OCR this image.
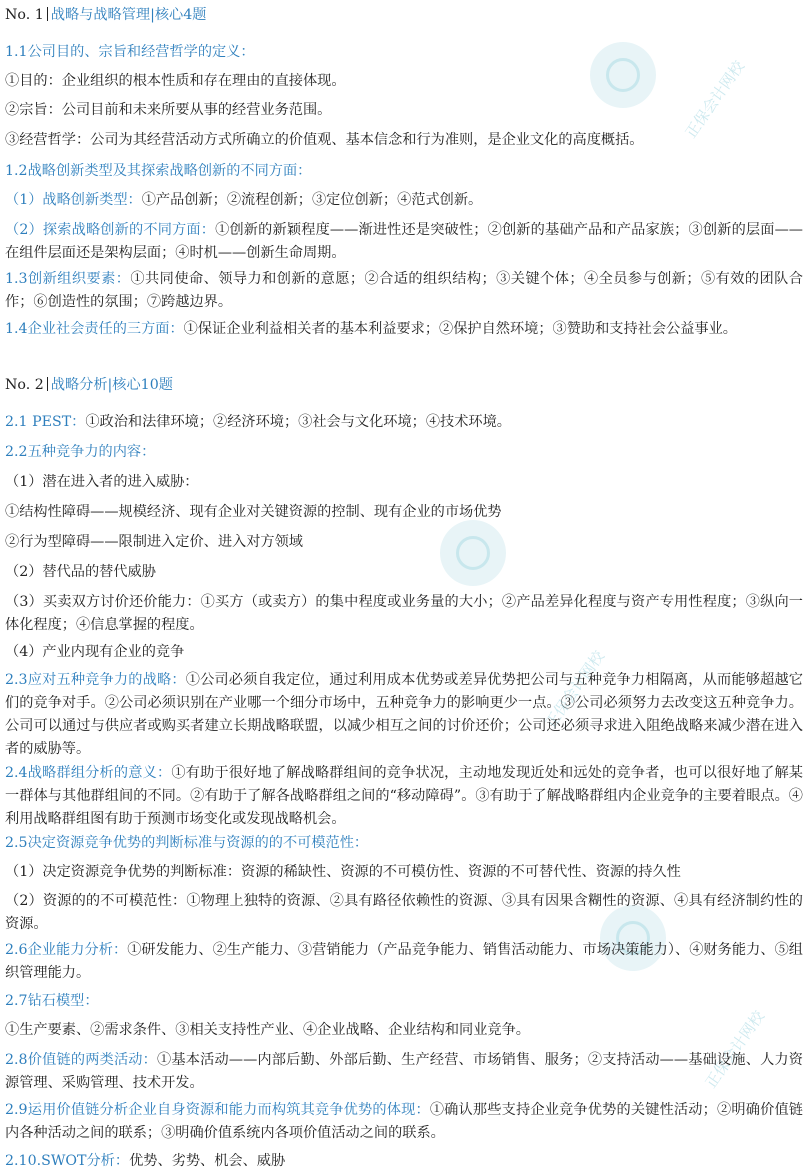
正保会计网校
正保会计网校
正保会计网校
No. 1 战略与战略管理|核心4题
1.1公司目的、宗旨和经营哲学的定义：
①目的：企业组织的根本性质和存在理由的直接体现。
②宗旨：公司目前和未来所要从事的经营业务范围。
③经营哲学：公司为其经营活动方式所确立的价值观、基本信念和行为准则，是企业文化的高度概括。
1.2战略创新类型及其探索战略创新的不同方面：
（1）战略创新类型：①产品创新；②流程创新；③定位创新；④范式创新。
（2）探索战略创新的不同方面：①创新的新颖程度——渐进性还是突破性；②创新的基础产品和产品家族；③创新的层面——在组件层面还是架构层面；④时机——创新生命周期。
1.3创新组织要素：①共同使命、领导力和创新的意愿；②合适的组织结构；③关键个体；④全员参与创新；⑤有效的团队合作；⑥创造性的氛围；⑦跨越边界。
1.4企业社会责任的三方面：①保证企业利益相关者的基本利益要求；②保护自然环境；③赞助和支持社会公益事业。
No. 2 战略分析|核心10题
2.1 PEST：①政治和法律环境；②经济环境；③社会与文化环境；④技术环境。
2.2五种竞争力的内容：
（1）潜在进入者的进入威胁：
①结构性障碍——规模经济、现有企业对关键资源的控制、现有企业的市场优势
②行为型障碍——限制进入定价、进入对方领域
（2）替代品的替代威胁
（3）买卖双方讨价还价能力：①买方（或卖方）的集中程度或业务量的大小；②产品差异化程度与资产专用性程度；③纵向一体化程度；④信息掌握的程度。
（4）产业内现有企业的竞争
2.3应对五种竞争力的战略：①公司必须自我定位，通过利用成本优势或差异优势把公司与五种竞争力相隔离，从而能够超越它们的竞争对手。②公司必须识别在产业哪一个细分市场中，五种竞争力的影响更少一点。③公司必须努力去改变这五种竞争力。公司可以通过与供应者或购买者建立长期战略联盟，以减少相互之间的讨价还价；公司还必须寻求进入阻绝战略来减少潜在进入者的威胁等。
2.4战略群组分析的意义：①有助于很好地了解战略群组间的竞争状况，主动地发现近处和远处的竞争者，也可以很好地了解某一群体与其他群组间的不同。②有助于了解各战略群组之间的“移动障碍”。③有助于了解战略群组内企业竞争的主要着眼点。④利用战略群组图有助于预测市场变化或发现战略机会。
2.5决定资源竞争优势的判断标准与资源的的不可模范性：
（1）决定资源竞争优势的判断标准：资源的稀缺性、资源的不可模仿性、资源的不可替代性、资源的持久性
（2）资源的的不可模范性：①物理上独特的资源、②具有路径依赖性的资源、③具有因果含糊性的资源、④具有经济制约性的资源。
2.6企业能力分析：①研发能力、②生产能力、③营销能力（产品竞争能力、销售活动能力、市场决策能力）、④财务能力、⑤组织管理能力。
2.7钻石模型：
①生产要素、②需求条件、③相关支持性产业、④企业战略、企业结构和同业竞争。
2.8价值链的两类活动：①基本活动——内部后勤、外部后勤、生产经营、市场销售、服务；②支持活动——基础设施、人力资源管理、采购管理、技术开发。
2.9运用价值链分析企业自身资源和能力而构筑其竞争优势的体现：①确认那些支持企业竞争优势的关键性活动；②明确价值链内各种活动之间的联系；③明确价值系统内各项价值活动之间的联系。
2.10.SWOT分析：优势、劣势、机会、威胁
